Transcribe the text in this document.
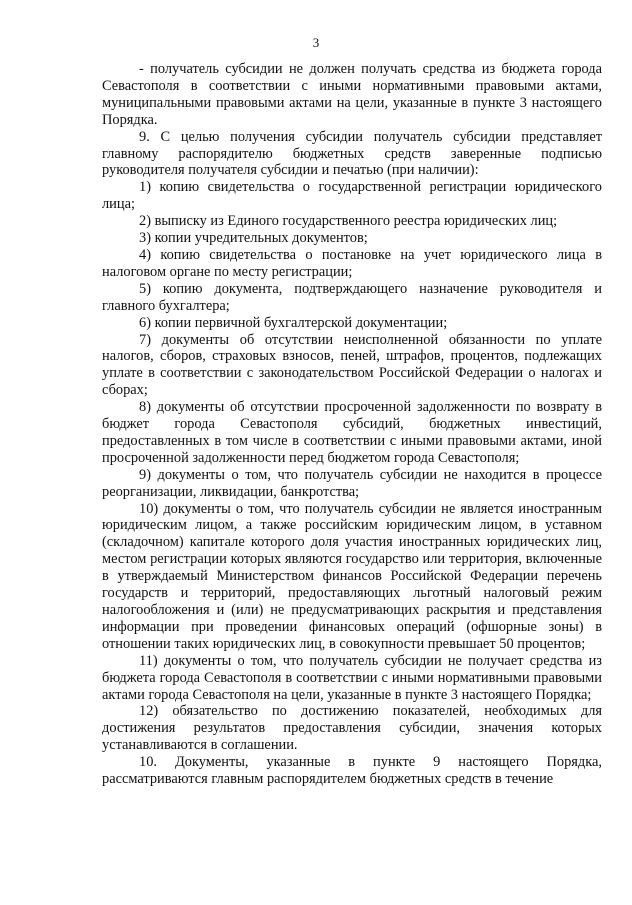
3

- получатель субсидии не должен получать средства из бюджета города Севастополя в соответствии с иными нормативными правовыми актами, муниципальными правовыми актами на цели, указанные в пункте 3 настоящего Порядка.

9. С целью получения субсидии получатель субсидии представляет главному распорядителю бюджетных средств заверенные подписью руководителя получателя субсидии и печатью (при наличии):

1) копию свидетельства о государственной регистрации юридического лица;

2) выписку из Единого государственного реестра юридических лиц;

3) копии учредительных документов;

4) копию свидетельства о постановке на учет юридического лица в налоговом органе по месту регистрации;

5) копию документа, подтверждающего назначение руководителя и главного бухгалтера;

6) копии первичной бухгалтерской документации;

7) документы об отсутствии неисполненной обязанности по уплате налогов, сборов, страховых взносов, пеней, штрафов, процентов, подлежащих уплате в соответствии с законодательством Российской Федерации о налогах и сборах;

8) документы об отсутствии просроченной задолженности по возврату в бюджет города Севастополя субсидий, бюджетных инвестиций, предоставленных в том числе в соответствии с иными правовыми актами, иной просроченной задолженности перед бюджетом города Севастополя;

9) документы о том, что получатель субсидии не находится в процессе реорганизации, ликвидации, банкротства;

10) документы о том, что получатель субсидии не является иностранным юридическим лицом, а также российским юридическим лицом, в уставном (складочном) капитале которого доля участия иностранных юридических лиц, местом регистрации которых являются государство или территория, включенные в утверждаемый Министерством финансов Российской Федерации перечень государств и территорий, предоставляющих льготный налоговый режим налогообложения и (или) не предусматривающих раскрытия и представления информации при проведении финансовых операций (офшорные зоны) в отношении таких юридических лиц, в совокупности превышает 50 процентов;

11) документы о том, что получатель субсидии не получает средства из бюджета города Севастополя в соответствии с иными нормативными правовыми актами города Севастополя на цели, указанные в пункте 3 настоящего Порядка;

12) обязательство по достижению показателей, необходимых для достижения результатов предоставления субсидии, значения которых устанавливаются в соглашении.

10. Документы, указанные в пункте 9 настоящего Порядка, рассматриваются главным распорядителем бюджетных средств в течение
